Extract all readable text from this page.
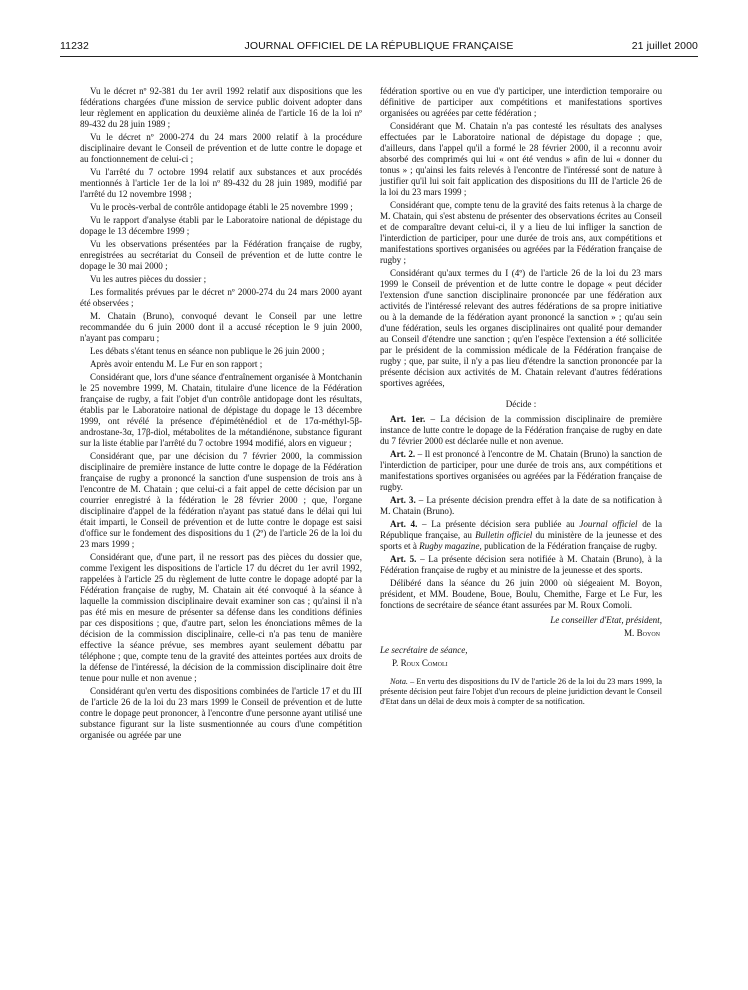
11232	JOURNAL OFFICIEL DE LA RÉPUBLIQUE FRANÇAISE	21 juillet 2000

Vu le décret nº 92-381 du 1er avril 1992 relatif aux dispositions que les fédérations chargées d'une mission de service public doivent adopter dans leur règlement en application du deuxième alinéa de l'article 16 de la loi nº 89-432 du 28 juin 1989 ;

Vu le décret nº 2000-274 du 24 mars 2000 relatif à la procédure disciplinaire devant le Conseil de prévention et de lutte contre le dopage et au fonctionnement de celui-ci ;

Vu l'arrêté du 7 octobre 1994 relatif aux substances et aux procédés mentionnés à l'article 1er de la loi nº 89-432 du 28 juin 1989, modifié par l'arrêté du 12 novembre 1998 ;

Vu le procès-verbal de contrôle antidopage établi le 25 novembre 1999 ;

Vu le rapport d'analyse établi par le Laboratoire national de dépistage du dopage le 13 décembre 1999 ;

Vu les observations présentées par la Fédération française de rugby, enregistrées au secrétariat du Conseil de prévention et de lutte contre le dopage le 30 mai 2000 ;

Vu les autres pièces du dossier ;

Les formalités prévues par le décret nº 2000-274 du 24 mars 2000 ayant été observées ;

M. Chatain (Bruno), convoqué devant le Conseil par une lettre recommandée du 6 juin 2000 dont il a accusé réception le 9 juin 2000, n'ayant pas comparu ;

Les débats s'étant tenus en séance non publique le 26 juin 2000 ;

Après avoir entendu M. Le Fur en son rapport ;

Considérant que, lors d'une séance d'entraînement organisée à Montchanin le 25 novembre 1999, M. Chatain, titulaire d'une licence de la Fédération française de rugby, a fait l'objet d'un contrôle antidopage dont les résultats, établis par le Laboratoire national de dépistage du dopage le 13 décembre 1999, ont révélé la présence d'épimétènédiol et de 17α-méthyl-5β-androstane-3α, 17β-diol, métabolites de la métandiénone, substance figurant sur la liste établie par l'arrêté du 7 octobre 1994 modifié, alors en vigueur ;

Considérant que, par une décision du 7 février 2000, la commission disciplinaire de première instance de lutte contre le dopage de la Fédération française de rugby a prononcé la sanction d'une suspension de trois ans à l'encontre de M. Chatain ; que celui-ci a fait appel de cette décision par un courrier enregistré à la fédération le 28 février 2000 ; que, l'organe disciplinaire d'appel de la fédération n'ayant pas statué dans le délai qui lui était imparti, le Conseil de prévention et de lutte contre le dopage est saisi d'office sur le fondement des dispositions du 1 (2º) de l'article 26 de la loi du 23 mars 1999 ;

Considérant que, d'une part, il ne ressort pas des pièces du dossier que, comme l'exigent les dispositions de l'article 17 du décret du 1er avril 1992, rappelées à l'article 25 du règlement de lutte contre le dopage adopté par la Fédération française de rugby, M. Chatain ait été convoqué à la séance à laquelle la commission disciplinaire devait examiner son cas ; qu'ainsi il n'a pas été mis en mesure de présenter sa défense dans les conditions définies par ces dispositions ; que, d'autre part, selon les énonciations mêmes de la décision de la commission disciplinaire, celle-ci n'a pas tenu de manière effective la séance prévue, ses membres ayant seulement débattu par téléphone ; que, compte tenu de la gravité des atteintes portées aux droits de la défense de l'intéressé, la décision de la commission disciplinaire doit être tenue pour nulle et non avenue ;

Considérant qu'en vertu des dispositions combinées de l'article 17 et du III de l'article 26 de la loi du 23 mars 1999 le Conseil de prévention et de lutte contre le dopage peut prononcer, à l'encontre d'une personne ayant utilisé une substance figurant sur la liste susmentionnée au cours d'une compétition organisée ou agréée par une

fédération sportive ou en vue d'y participer, une interdiction temporaire ou définitive de participer aux compétitions et manifestations sportives organisées ou agréées par cette fédération ;

Considérant que M. Chatain n'a pas contesté les résultats des analyses effectuées par le Laboratoire national de dépistage du dopage ; que, d'ailleurs, dans l'appel qu'il a formé le 28 février 2000, il a reconnu avoir absorbé des comprimés qui lui « ont été vendus » afin de lui « donner du tonus » ; qu'ainsi les faits relevés à l'encontre de l'intéressé sont de nature à justifier qu'il lui soit fait application des dispositions du III de l'article 26 de la loi du 23 mars 1999 ;

Considérant que, compte tenu de la gravité des faits retenus à la charge de M. Chatain, qui s'est abstenu de présenter des observations écrites au Conseil et de comparaître devant celui-ci, il y a lieu de lui infliger la sanction de l'interdiction de participer, pour une durée de trois ans, aux compétitions et manifestations sportives organisées ou agréées par la Fédération française de rugby ;

Considérant qu'aux termes du I (4º) de l'article 26 de la loi du 23 mars 1999 le Conseil de prévention et de lutte contre le dopage « peut décider l'extension d'une sanction disciplinaire prononcée par une fédération aux activités de l'intéressé relevant des autres fédérations de sa propre initiative ou à la demande de la fédération ayant prononcé la sanction » ; qu'au sein d'une fédération, seuls les organes disciplinaires ont qualité pour demander au Conseil d'étendre une sanction ; qu'en l'espèce l'extension a été sollicitée par le président de la commission médicale de la Fédération française de rugby ; que, par suite, il n'y a pas lieu d'étendre la sanction prononcée par la présente décision aux activités de M. Chatain relevant d'autres fédérations sportives agréées,

Décide :

Art. 1er. – La décision de la commission disciplinaire de première instance de lutte contre le dopage de la Fédération française de rugby en date du 7 février 2000 est déclarée nulle et non avenue.

Art. 2. – Il est prononcé à l'encontre de M. Chatain (Bruno) la sanction de l'interdiction de participer, pour une durée de trois ans, aux compétitions et manifestations sportives organisées ou agréées par la Fédération française de rugby.

Art. 3. – La présente décision prendra effet à la date de sa notification à M. Chatain (Bruno).

Art. 4. – La présente décision sera publiée au Journal officiel de la République française, au Bulletin officiel du ministère de la jeunesse et des sports et à Rugby magazine, publication de la Fédération française de rugby.

Art. 5. – La présente décision sera notifiée à M. Chatain (Bruno), à la Fédération française de rugby et au ministre de la jeunesse et des sports.

Délibéré dans la séance du 26 juin 2000 où siégeaient M. Boyon, président, et MM. Boudene, Boue, Boulu, Chemithe, Farge et Le Fur, les fonctions de secrétaire de séance étant assurées par M. Roux Comoli.

Le conseiller d'Etat, président,

M. Boyon

Le secrétaire de séance,

P. Roux Comoli

Nota. – En vertu des dispositions du IV de l'article 26 de la loi du 23 mars 1999, la présente décision peut faire l'objet d'un recours de pleine juridiction devant le Conseil d'Etat dans un délai de deux mois à compter de sa notification.
